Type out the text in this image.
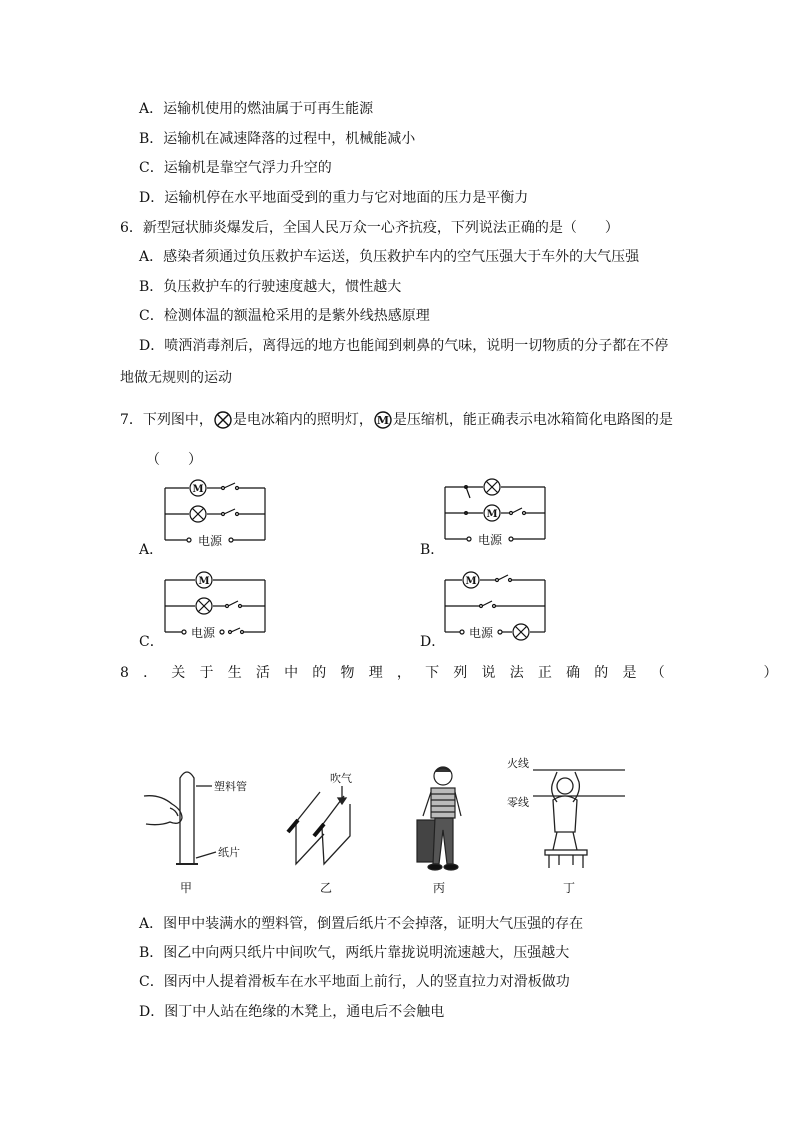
A．运输机使用的燃油属于可再生能源
B．运输机在减速降落的过程中，机械能减小
C．运输机是靠空气浮力升空的
D．运输机停在水平地面受到的重力与它对地面的压力是平衡力
6．新型冠状肺炎爆发后，全国人民万众一心齐抗疫，下列说法正确的是（　　）
A．感染者须通过负压救护车运送，负压救护车内的空气压强大于车外的大气压强
B．负压救护车的行驶速度越大，惯性越大
C．检测体温的额温枪采用的是紫外线热感原理
D．喷洒消毒剂后，离得远的地方也能闻到刺鼻的气味，说明一切物质的分子都在不停
地做无规则的运动
7．下列图中， 是电冰箱内的照明灯， M 是压缩机，能正确表示电冰箱简化电路图的是
（　　）
M
电源
A．
M
电源
B．
M
电源
C．
M
电源
D．
8．关于生活中的物理，下列说法正确的是（　　　）
塑料管
纸片
甲
吹气
乙	丙
火线
零线
丁
A．图甲中装满水的塑料管，倒置后纸片不会掉落，证明大气压强的存在
B．图乙中向两只纸片中间吹气，两纸片靠拢说明流速越大，压强越大
C．图丙中人提着滑板车在水平地面上前行，人的竖直拉力对滑板做功
D．图丁中人站在绝缘的木凳上，通电后不会触电
